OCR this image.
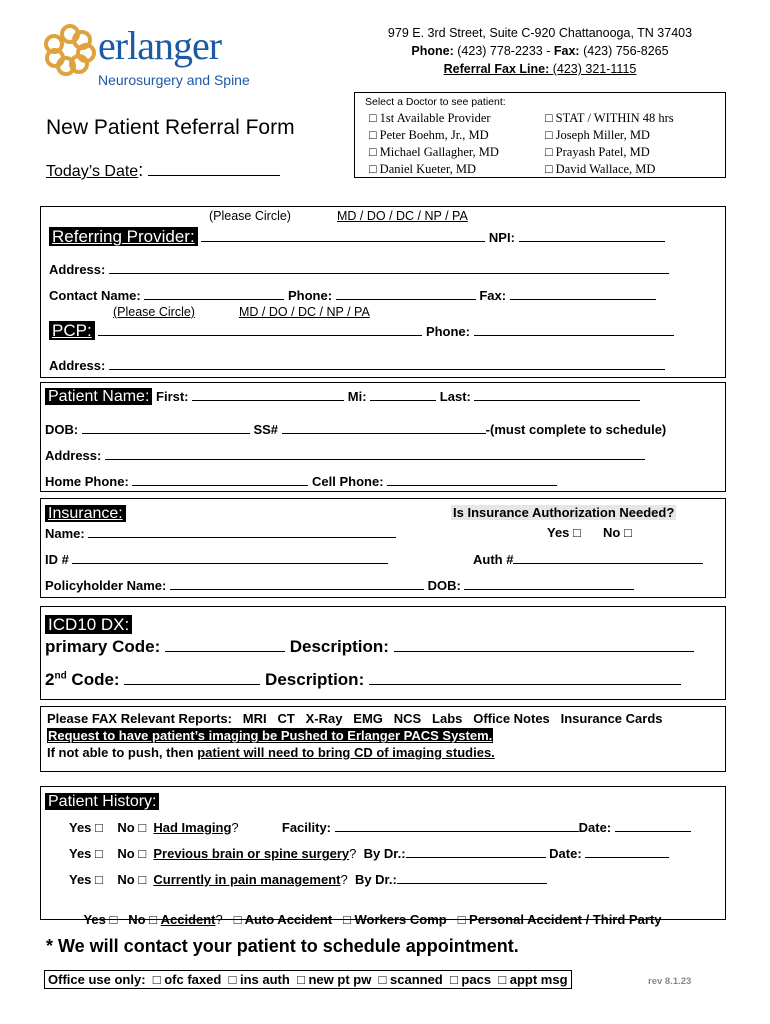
erlanger
Neurosurgery and Spine
979 E. 3rd Street, Suite C-920 Chattanooga, TN 37403
Phone: (423) 778-2233 - Fax: (423) 756-8265
Referral Fax Line: (423) 321-1115
New Patient Referral Form
Today’s Date:
Select a Doctor to see patient:
□ 1st Available Provider
□ Peter Boehm, Jr., MD
□ Michael Gallagher, MD
□ Daniel Kueter, MD
□ STAT / WITHIN 48 hrs
□ Joseph Miller, MD
□ Prayash Patel, MD
□ David Wallace, MD
(Please Circle)	MD / DO / DC / NP / PA
Referring Provider:	NPI:
Address:
Contact Name:	Phone:	Fax:
(Please Circle)	MD / DO / DC / NP / PA
PCP:	Phone:
Address:
Patient Name: First:	Mi:	Last:
DOB:	SS#	-(must complete to schedule)
Address:
Home Phone:	Cell Phone:
Insurance:	Is Insurance Authorization Needed?
Name:	Yes □ No □
ID #	Auth #
Policyholder Name:	DOB:
ICD10 DX:
primary Code:	Description:
2nd Code:	Description:
Please FAX Relevant Reports:   MRI   CT   X-Ray   EMG   NCS   Labs   Office Notes   Insurance Cards
Request to have patient’s imaging be Pushed to Erlanger PACS System.
If not able to push, then patient will need to bring CD of imaging studies.
Patient History:
Yes □ No □ Had Imaging?	Facility:	Date:
Yes □ No □ Previous brain or spine surgery? By Dr.:	Date:
Yes □ No □ Currently in pain management? By Dr.:

Yes □ No □ Accident? □ Auto Accident   □ Workers Comp   □ Personal Accident / Third Party

* We will contact your patient to schedule appointment.
Office use only:  □ ofc faxed  □ ins auth  □ new pt pw  □ scanned  □ pacs  □ appt msg	rev 8.1.23
